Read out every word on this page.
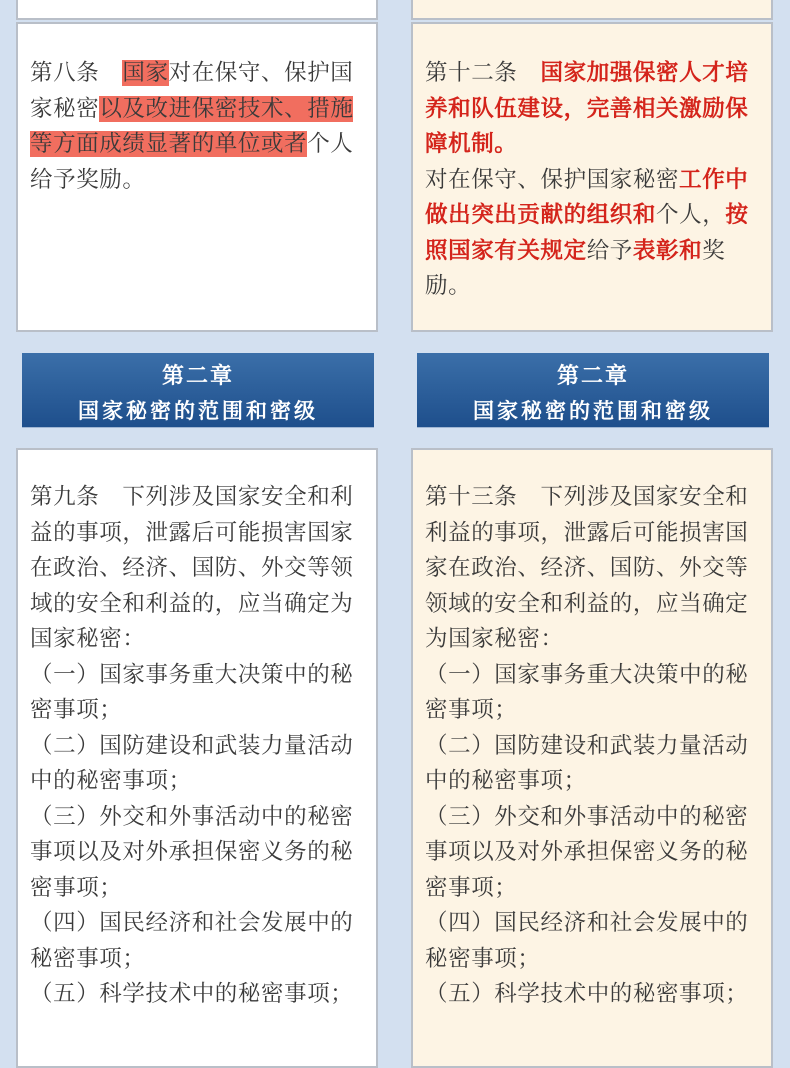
第八条　国家对在保守、保护国家秘密以及改进保密技术、措施等方面成绩显著的单位或者个人给予奖励。
第十二条　国家加强保密人才培养和队伍建设，完善相关激励保障机制。
对在保守、保护国家秘密工作中做出突出贡献的组织和个人，按照国家有关规定给予表彰和奖励。
第二章
国家秘密的范围和密级
第二章
国家秘密的范围和密级
第九条　下列涉及国家安全和利益的事项，泄露后可能损害国家在政治、经济、国防、外交等领域的安全和利益的，应当确定为国家秘密：
（一）国家事务重大决策中的秘密事项；
（二）国防建设和武装力量活动中的秘密事项；
（三）外交和外事活动中的秘密事项以及对外承担保密义务的秘密事项；
（四）国民经济和社会发展中的秘密事项；
（五）科学技术中的秘密事项；
第十三条　下列涉及国家安全和利益的事项，泄露后可能损害国家在政治、经济、国防、外交等领域的安全和利益的，应当确定为国家秘密：
（一）国家事务重大决策中的秘密事项；
（二）国防建设和武装力量活动中的秘密事项；
（三）外交和外事活动中的秘密事项以及对外承担保密义务的秘密事项；
（四）国民经济和社会发展中的秘密事项；
（五）科学技术中的秘密事项；
